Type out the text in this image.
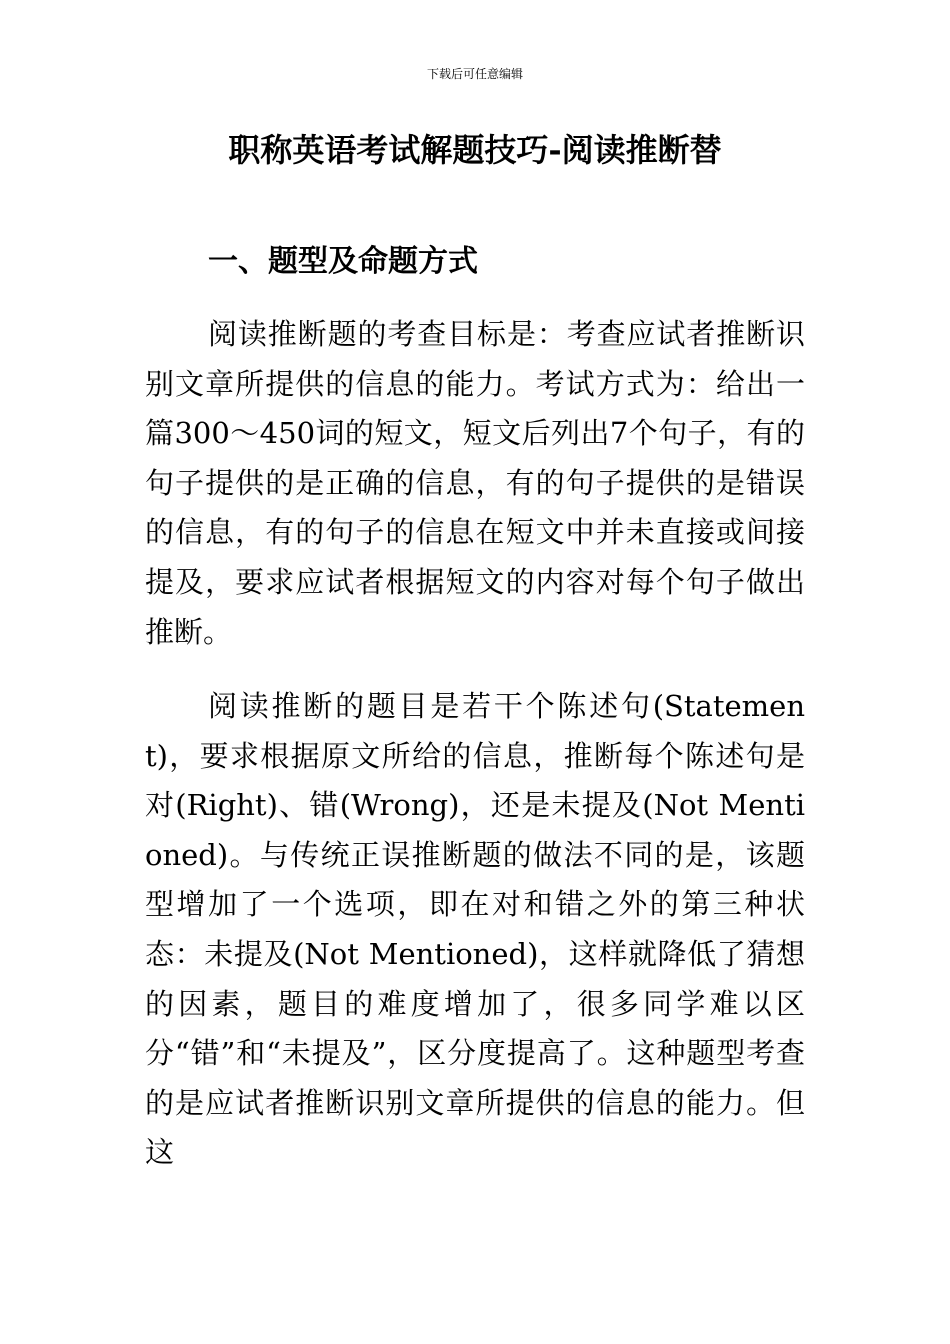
下载后可任意编辑
职称英语考试解题技巧-阅读推断替
一、题型及命题方式

阅读推断题的考查目标是：考查应试者推断识别文章所提供的信息的能力。考试方式为：给出一篇300～450词的短文，短文后列出7个句子，有的句子提供的是正确的信息，有的句子提供的是错误的信息，有的句子的信息在短文中并未直接或间接提及，要求应试者根据短文的内容对每个句子做出推断。

阅读推断的题目是若干个陈述句(Statement)，要求根据原文所给的信息，推断每个陈述句是对(Right)、错(Wrong)，还是未提及(Not Mentioned)。与传统正误推断题的做法不同的是，该题型增加了一个选项，即在对和错之外的第三种状态：未提及(Not Mentioned)，这样就降低了猜想的因素，题目的难度增加了，很多同学难以区分“错”和“未提及”，区分度提高了。这种题型考查的是应试者推断识别文章所提供的信息的能力。但这
